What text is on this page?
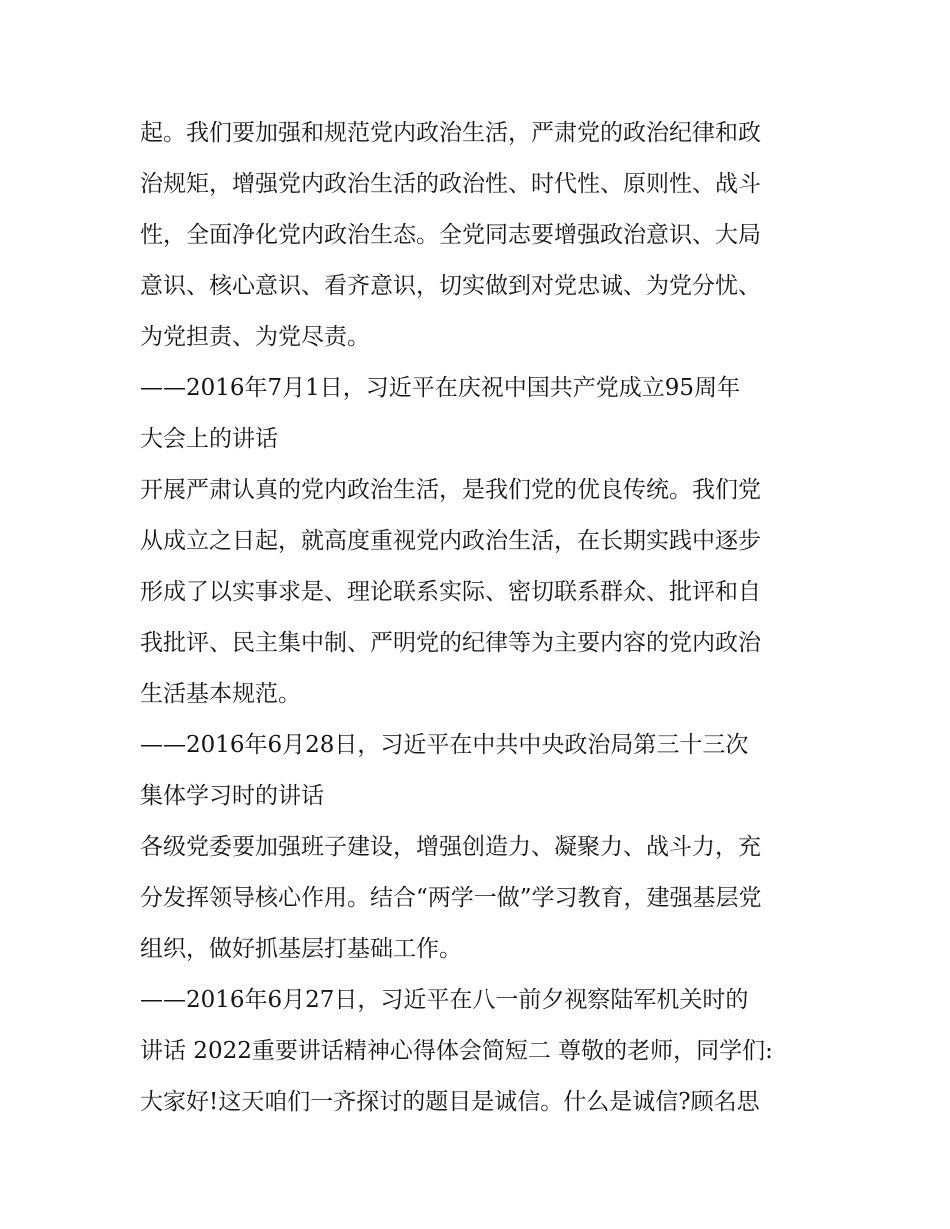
起。我们要加强和规范党内政治生活，严肃党的政治纪律和政
治规矩，增强党内政治生活的政治性、时代性、原则性、战斗
性，全面净化党内政治生态。全党同志要增强政治意识、大局
意识、核心意识、看齐意识，切实做到对党忠诚、为党分忧、
为党担责、为党尽责。
——2016年7月1日，习近平在庆祝中国共产党成立95周年
大会上的讲话
开展严肃认真的党内政治生活，是我们党的优良传统。我们党
从成立之日起，就高度重视党内政治生活，在长期实践中逐步
形成了以实事求是、理论联系实际、密切联系群众、批评和自
我批评、民主集中制、严明党的纪律等为主要内容的党内政治
生活基本规范。
——2016年6月28日，习近平在中共中央政治局第三十三次
集体学习时的讲话
各级党委要加强班子建设，增强创造力、凝聚力、战斗力，充
分发挥领导核心作用。结合“两学一做”学习教育，建强基层党
组织，做好抓基层打基础工作。
——2016年6月27日，习近平在八一前夕视察陆军机关时的
讲话 2022重要讲话精神心得体会简短二 尊敬的老师，同学们:
大家好!这天咱们一齐探讨的题目是诚信。什么是诚信?顾名思
